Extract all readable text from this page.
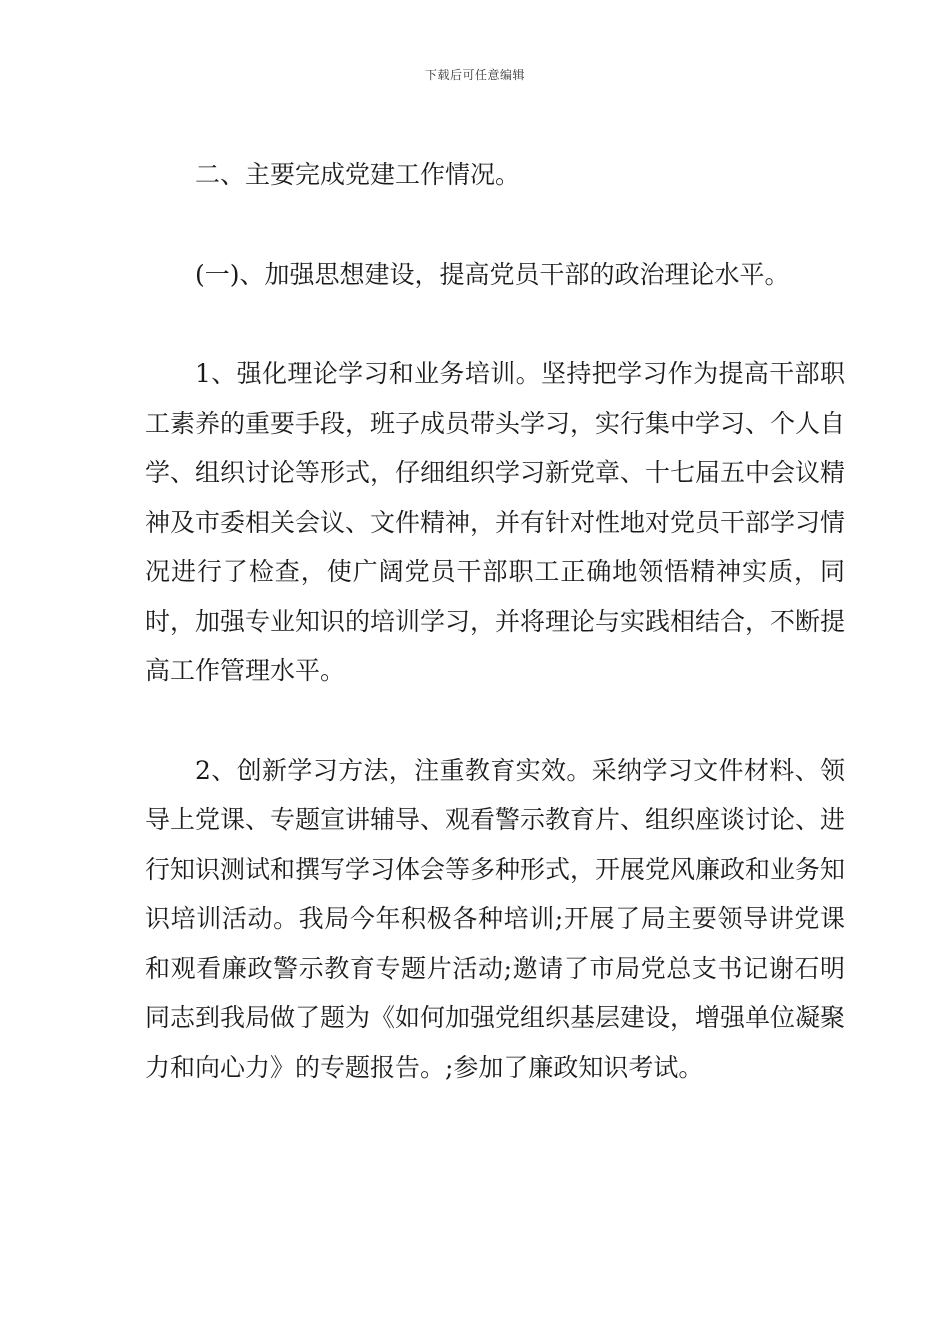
下载后可任意编辑

二、主要完成党建工作情况。

(一)、加强思想建设，提高党员干部的政治理论水平。

1、强化理论学习和业务培训。坚持把学习作为提高干部职工素养的重要手段，班子成员带头学习，实行集中学习、个人自学、组织讨论等形式，仔细组织学习新党章、十七届五中会议精神及市委相关会议、文件精神，并有针对性地对党员干部学习情况进行了检查，使广阔党员干部职工正确地领悟精神实质，同时，加强专业知识的培训学习，并将理论与实践相结合，不断提高工作管理水平。

2、创新学习方法，注重教育实效。采纳学习文件材料、领导上党课、专题宣讲辅导、观看警示教育片、组织座谈讨论、进行知识测试和撰写学习体会等多种形式，开展党风廉政和业务知识培训活动。我局今年积极各种培训;开展了局主要领导讲党课和观看廉政警示教育专题片活动;邀请了市局党总支书记谢石明同志到我局做了题为《如何加强党组织基层建设，增强单位凝聚力和向心力》的专题报告。;参加了廉政知识考试。
